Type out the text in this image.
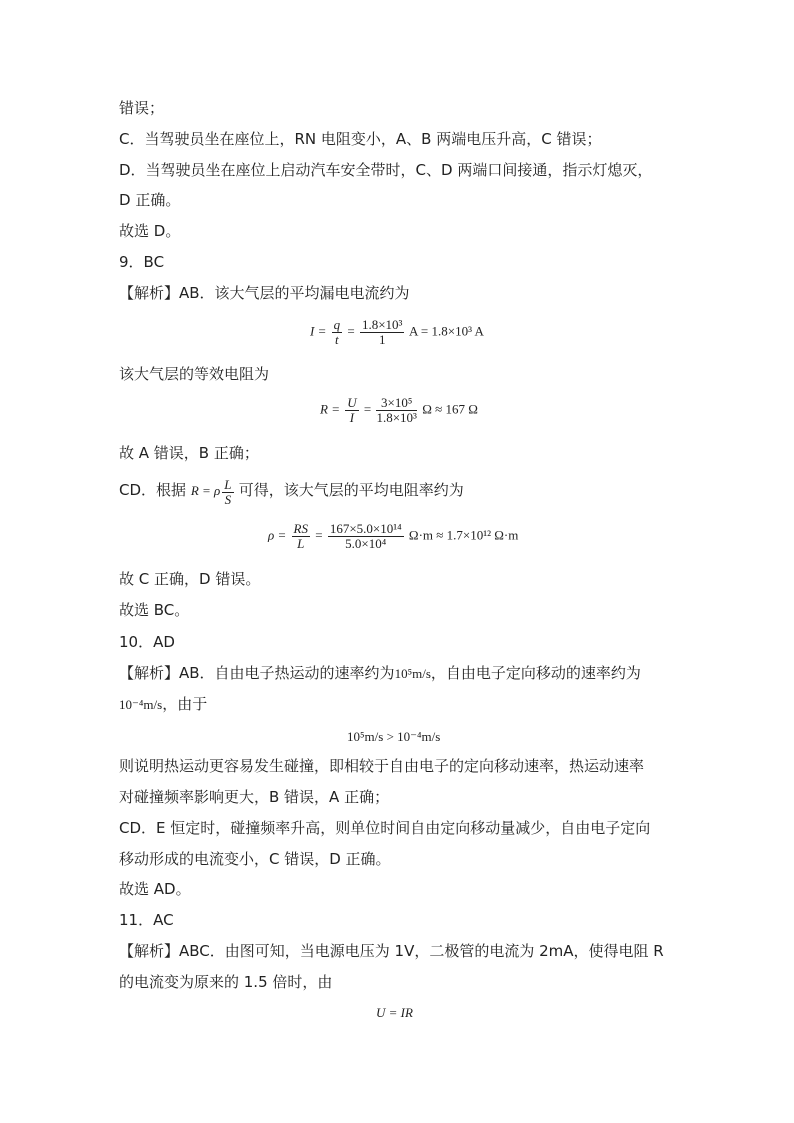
错误；
C．当驾驶员坐在座位上，RN 电阻变小，A、B 两端电压升高，C 错误；
D．当驾驶员坐在座位上启动汽车安全带时，C、D 两端口间接通，指示灯熄灭，
D 正确。
故选 D。
9．BC
【解析】AB．该大气层的平均漏电电流约为
$I = \frac{q}{t} = \frac{\text{1.8×10³}}{1}$ A = 1.8×10³ A
该大气层的等效电阻为
$R = \frac{U}{I} = \frac{\text{3×10⁵}}{\text{1.8×10³}}$ Ω ≈ 167 Ω
故 A 错误，B 正确；
CD．根据 R = ρ $\frac{L}{S}$ 可得，该大气层的平均电阻率约为
$\rho = \frac{RS}{L} = \frac{\text{167×5.0×10¹⁴}}{\text{5.0×10⁴}} \Omega\cdot m \approx 1.7\times 10^{12}$ Ω·m
故 C 正确，D 错误。
故选 BC。
10．AD
【解析】AB．自由电子热运动的速率约为10⁵m/s，自由电子定向移动的速率约为
10⁻⁴m/s，由于
10⁵m/s > 10⁻⁴m/s
则说明热运动更容易发生碰撞，即相较于自由电子的定向移动速率，热运动速率
对碰撞频率影响更大，B 错误，A 正确；
CD．E 恒定时，碰撞频率升高，则单位时间自由定向移动量减少，自由电子定向
移动形成的电流变小，C 错误，D 正确。
故选 AD。
11．AC
【解析】ABC．由图可知，当电源电压为 1V，二极管的电流为 2mA，使得电阻 R
的电流变为原来的 1.5 倍时，由
U = IR
